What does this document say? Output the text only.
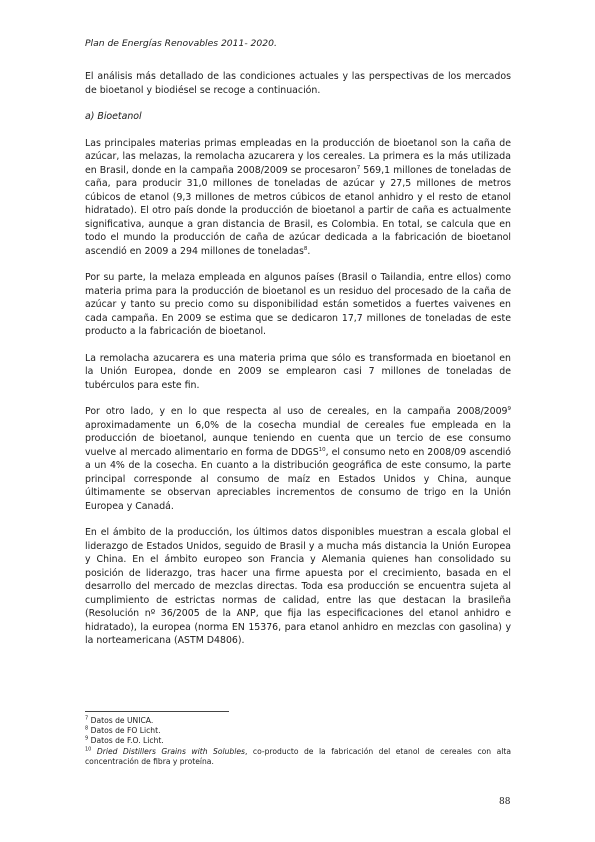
Plan de Energías Renovables 2011- 2020.

El análisis más detallado de las condiciones actuales y las perspectivas de los mercados de bioetanol y biodiésel se recoge a continuación.

a) Bioetanol

Las principales materias primas empleadas en la producción de bioetanol son la caña de azúcar, las melazas, la remolacha azucarera y los cereales. La primera es la más utilizada en Brasil, donde en la campaña 2008/2009 se procesaron$^7$ 569,1 millones de toneladas de caña, para producir 31,0 millones de toneladas de azúcar y 27,5 millones de metros cúbicos de etanol (9,3 millones de metros cúbicos de etanol anhidro y el resto de etanol hidratado). El otro país donde la producción de bioetanol a partir de caña es actualmente significativa, aunque a gran distancia de Brasil, es Colombia. En total, se calcula que en todo el mundo la producción de caña de azúcar dedicada a la fabricación de bioetanol ascendió en 2009 a 294 millones de toneladas$^8$.

Por su parte, la melaza empleada en algunos países (Brasil o Tailandia, entre ellos) como materia prima para la producción de bioetanol es un residuo del procesado de la caña de azúcar y tanto su precio como su disponibilidad están sometidos a fuertes vaivenes en cada campaña. En 2009 se estima que se dedicaron 17,7 millones de toneladas de este producto a la fabricación de bioetanol.

La remolacha azucarera es una materia prima que sólo es transformada en bioetanol en la Unión Europea, donde en 2009 se emplearon casi 7 millones de toneladas de tubérculos para este fin.

Por otro lado, y en lo que respecta al uso de cereales, en la campaña 2008/2009$^9$ aproximadamente un 6,0% de la cosecha mundial de cereales fue empleada en la producción de bioetanol, aunque teniendo en cuenta que un tercio de ese consumo vuelve al mercado alimentario en forma de DDGS$^{10}$, el consumo neto en 2008/09 ascendió a un 4% de la cosecha. En cuanto a la distribución geográfica de este consumo, la parte principal corresponde al consumo de maíz en Estados Unidos y China, aunque últimamente se observan apreciables incrementos de consumo de trigo en la Unión Europea y Canadá.

En el ámbito de la producción, los últimos datos disponibles muestran a escala global el liderazgo de Estados Unidos, seguido de Brasil y a mucha más distancia la Unión Europea y China. En el ámbito europeo son Francia y Alemania quienes han consolidado su posición de liderazgo, tras hacer una firme apuesta por el crecimiento, basada en el desarrollo del mercado de mezclas directas. Toda esa producción se encuentra sujeta al cumplimiento de estrictas normas de calidad, entre las que destacan la brasileña (Resolución nº 36/2005 de la ANP, que fija las especificaciones del etanol anhidro e hidratado), la europea (norma EN 15376, para etanol anhidro en mezclas con gasolina) y la norteamericana (ASTM D4806).

$^7$ Datos de UNICA.

$^8$ Datos de FO Licht.

$^9$ Datos de F.O. Licht.

$^{10}$ Dried Distillers Grains with Solubles, co-producto de la fabricación del etanol de cereales con alta concentración de fibra y proteína.

88
